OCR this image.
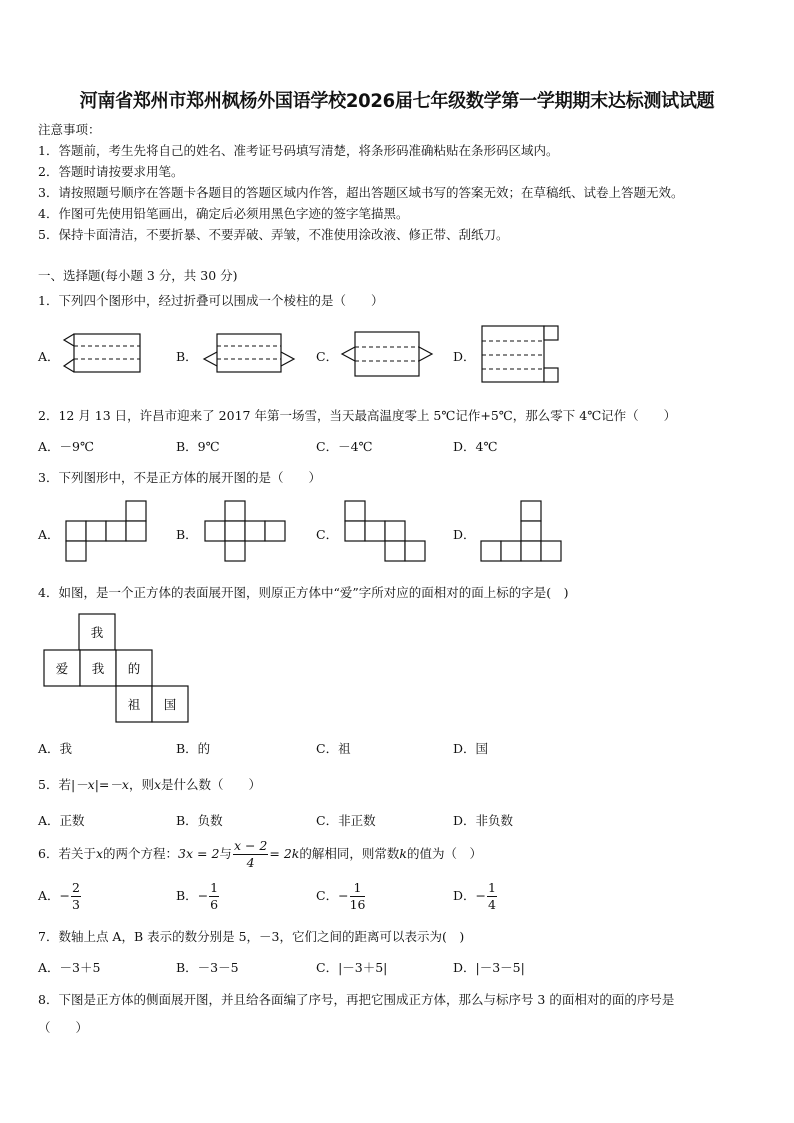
河南省郑州市郑州枫杨外国语学校2026届七年级数学第一学期期末达标测试试题
注意事项：
1．答题前，考生先将自己的姓名、准考证号码填写清楚，将条形码准确粘贴在条形码区域内。
2．答题时请按要求用笔。
3．请按照题号顺序在答题卡各题目的答题区域内作答，超出答题区域书写的答案无效；在草稿纸、试卷上答题无效。
4．作图可先使用铅笔画出，确定后必须用黑色字迹的签字笔描黑。
5．保持卡面清洁，不要折暴、不要弄破、弄皱，不准使用涂改液、修正带、刮纸刀。
一、选择题(每小题 3 分，共 30 分)
1．下列四个图形中，经过折叠可以围成一个棱柱的是（　　）
A．	B．	C．	D．
2．12 月 13 日，许昌市迎来了 2017 年第一场雪，当天最高温度零上 5℃记作+5℃，那么零下 4℃记作（　　）
A．－9℃	B．9℃	C．－4℃	D．4℃
3．下列图形中，不是正方体的展开图的是（　　）
A．	B．	C．	D．
4．如图，是一个正方体的表面展开图，则原正方体中“爱”字所对应的面相对的面上标的字是(　)
我
爱 我 的
祖 国
A．我	B．的	C．祖	D．国
5．若|－x|=－x，则x是什么数（　　）
A．正数	B．负数	C．非正数	D．非负数
6．若关于x的两个方程：3x = 2与 $\frac{x - 2}{4} = 2k$的解相同，则常数k的值为（　）
A．− $\frac{2}{3}$	B．− $\frac{1}{6}$	C．− $\frac{1}{16}$	D．− $\frac{1}{4}$
7．数轴上点 A，B 表示的数分别是 5，－3，它们之间的距离可以表示为(　)
A．－3＋5	B．－3－5	C．|－3＋5|	D．|－3－5|
8．下图是正方体的侧面展开图，并且给各面编了序号，再把它围成正方体，那么与标序号 3 的面相对的面的序号是
（　　）
